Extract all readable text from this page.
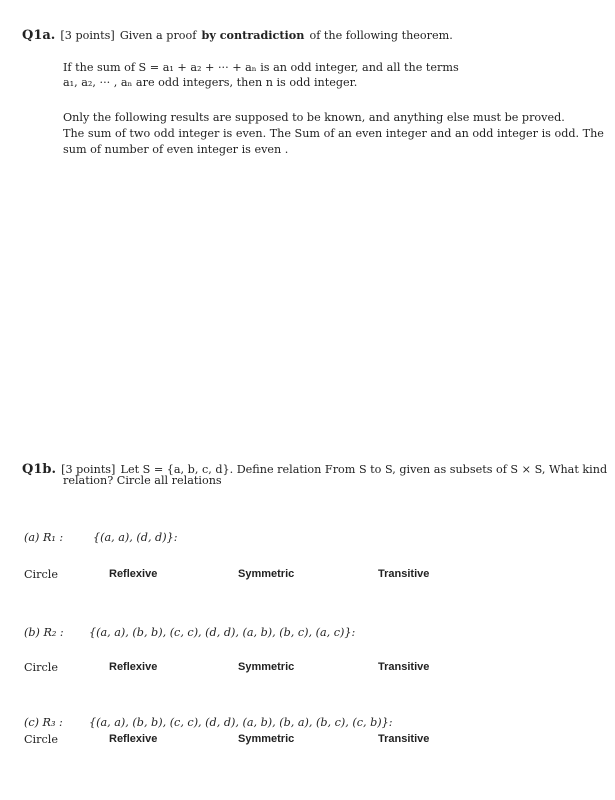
Q1a. [3 points] Given a proof by contradiction of the following theorem.
If the sum of S = a₁ + a₂ + ··· + aₙ is an odd integer, and all the terms
a₁, a₂, ··· , aₙ are odd integers, then n is odd integer.
Only the following results are supposed to be known, and anything else must be proved.
The sum of two odd integer is even. The Sum of an even integer and an odd integer is odd. The
sum of number of even integer is even .
Q1b. [3 points] Let S = {a, b, c, d}. Define relation From S to S, given as subsets of S × S, What kind
relation? Circle all relations
(a) R₁ :	{(a, a), (d, d)}:
Circle	Reflexive	Symmetric	Transitive
(b) R₂ : {(a, a), (b, b), (c, c), (d, d), (a, b), (b, c), (a, c)}:
Circle	Reflexive	Symmetric	Transitive
(c) R₃ : {(a, a), (b, b), (c, c), (d, d), (a, b), (b, a), (b, c), (c, b)}:
Circle	Reflexive	Symmetric	Transitive
